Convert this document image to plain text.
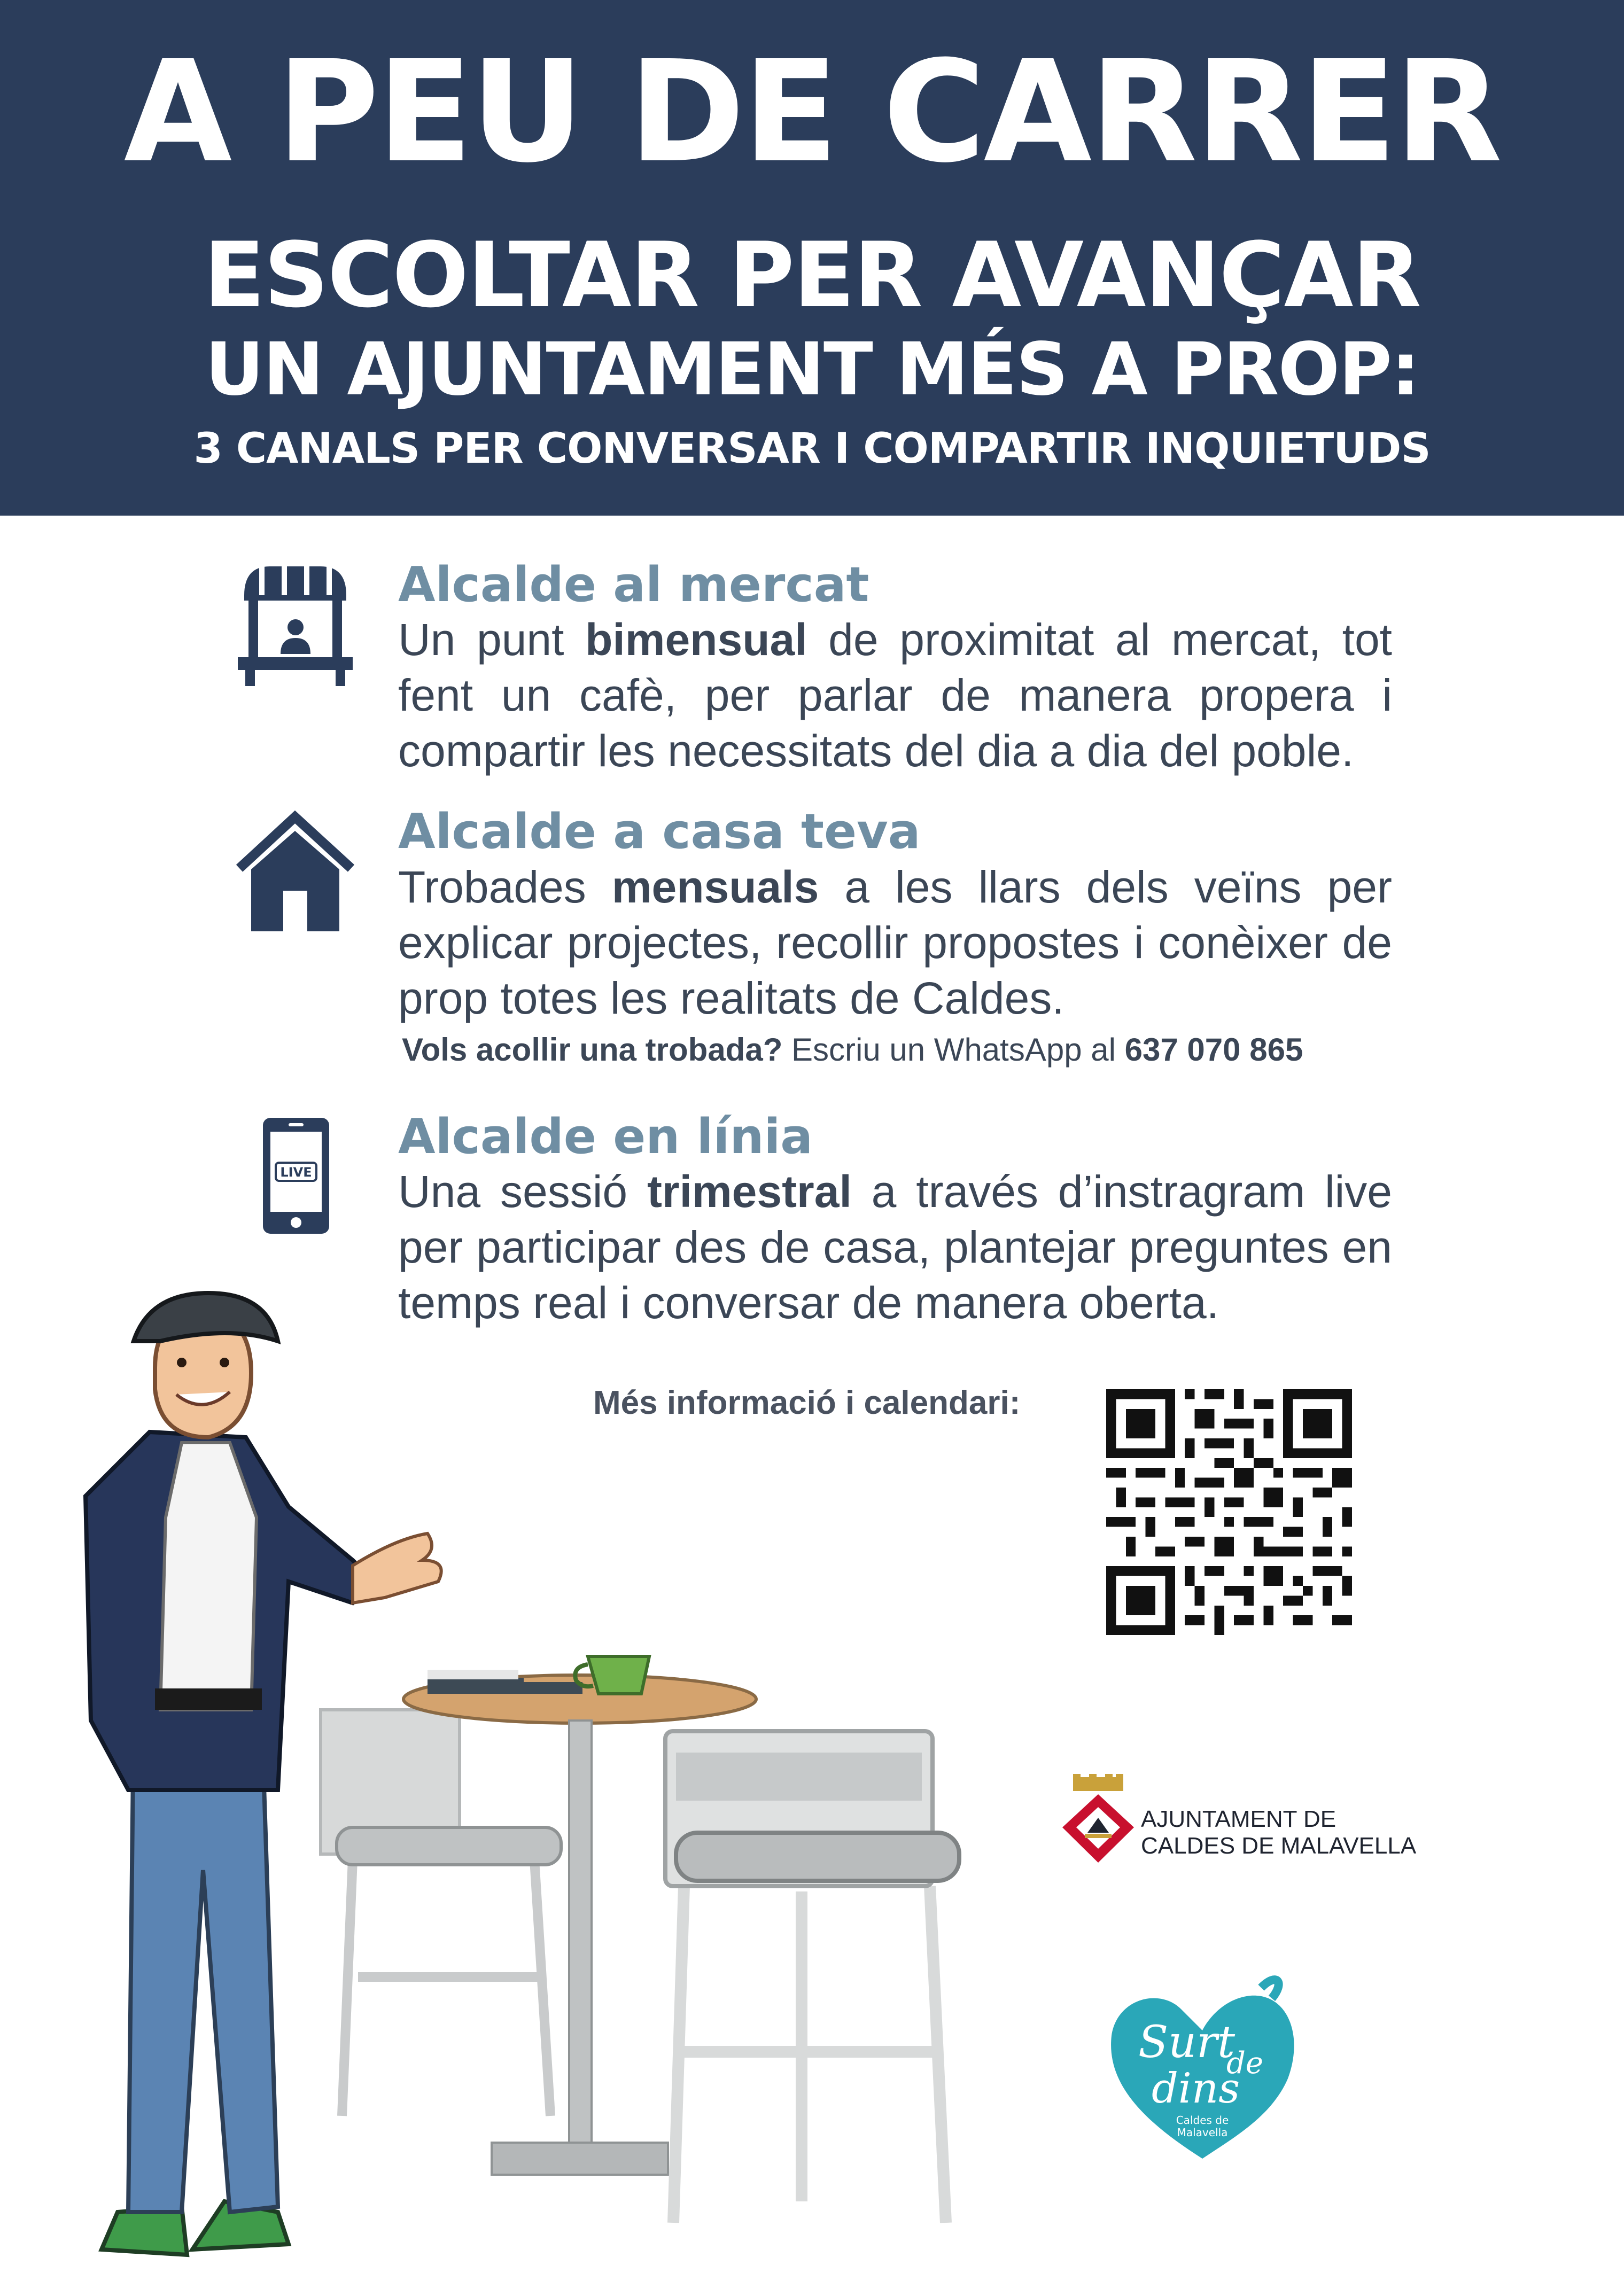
A PEU DE CARRER
ESCOLTAR PER AVANÇAR
UN AJUNTAMENT MÉS A PROP:
3 CANALS PER CONVERSAR I COMPARTIR INQUIETUDS
Alcalde al mercat
Un punt bimensual de proximitat al mercat, tot fent un cafè, per parlar de manera propera i compartir les necessitats del dia a dia del poble.
Alcalde a casa teva
Trobades mensuals a les llars dels veïns per explicar projectes, recollir propostes i conèixer de prop totes les realitats de Caldes.
Vols acollir una trobada? Escriu un WhatsApp al 637 070 865
LIVE
Alcalde en línia
Una sessió trimestral a través d’instragram live per participar des de casa, plantejar preguntes en temps real i conversar de manera oberta.
Més informació i calendari:
AJUNTAMENT DE
CALDES DE MALAVELLA
Surt
de
dins
Caldes de
Malavella
